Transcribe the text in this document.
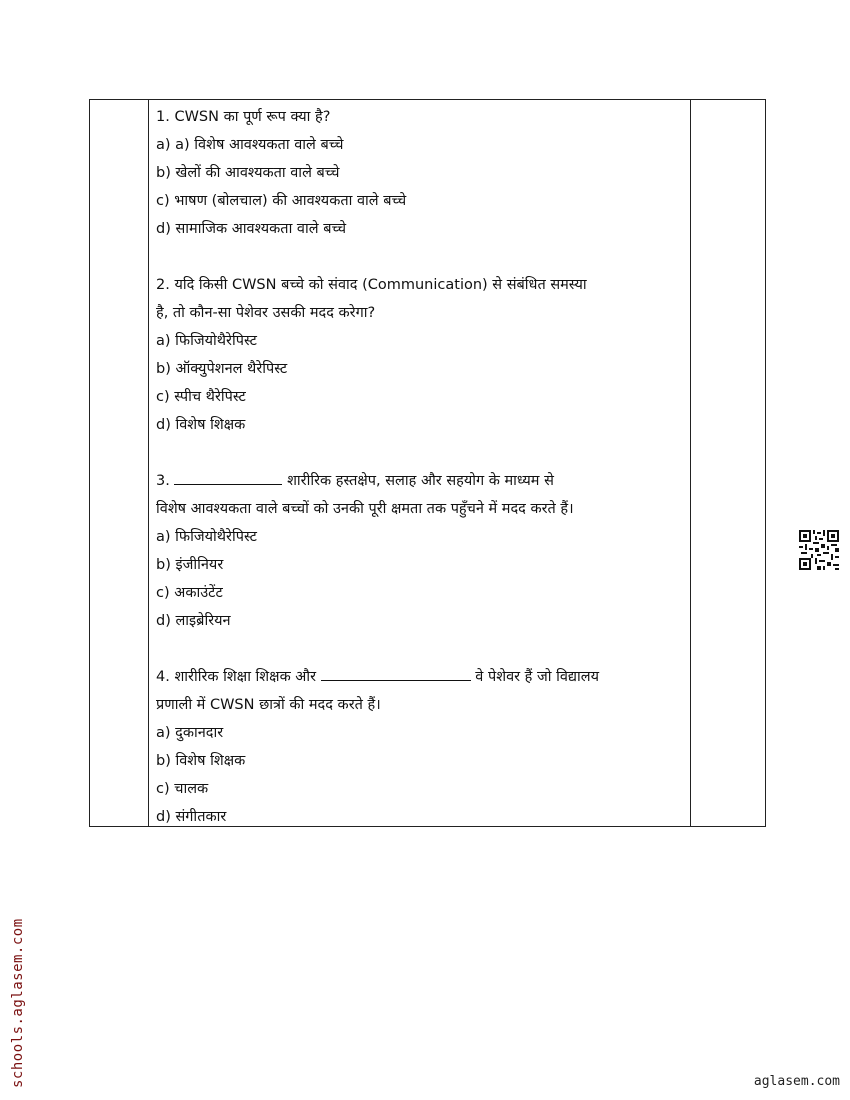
1. CWSN का पूर्ण रूप क्या है?
a) a) विशेष आवश्यकता वाले बच्चे
b) खेलों की आवश्यकता वाले बच्चे
c) भाषण (बोलचाल) की आवश्यकता वाले बच्चे
d) सामाजिक आवश्यकता वाले बच्चे
2. यदि किसी CWSN बच्चे को संवाद (Communication) से संबंधित समस्या
है, तो कौन-सा पेशेवर उसकी मदद करेगा?
a) फिजियोथैरेपिस्ट
b) ऑक्युपेशनल थैरेपिस्ट
c) स्पीच थैरेपिस्ट
d) विशेष शिक्षक
3.	शारीरिक हस्तक्षेप, सलाह और सहयोग के माध्यम से
विशेष आवश्यकता वाले बच्चों को उनकी पूरी क्षमता तक पहुँचने में मदद करते हैं।
a) फिजियोथैरेपिस्ट
b) इंजीनियर
c) अकाउंटेंट
d) लाइब्रेरियन
4. शारीरिक शिक्षा शिक्षक और	वे पेशेवर हैं जो विद्यालय
प्रणाली में CWSN छात्रों की मदद करते हैं।
a) दुकानदार
b) विशेष शिक्षक
c) चालक
d) संगीतकार
schools.aglasem.com	aglasem.com
